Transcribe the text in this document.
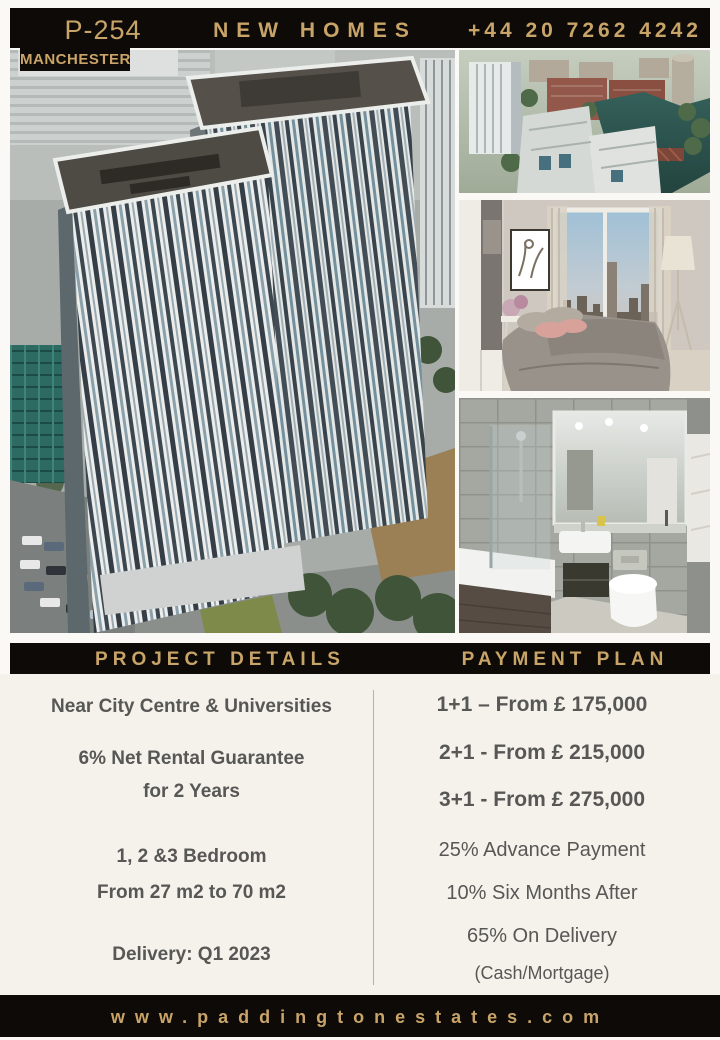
P-254	NEW HOMES	+44 20 7262 4242
MANCHESTER
PROJECT DETAILS	PAYMENT PLAN
Near City Centre & Universities
6% Net Rental Guarantee
for 2 Years
1, 2 &3 Bedroom
From 27 m2 to 70 m2
Delivery: Q1 2023
1+1 – From £ 175,000
2+1 - From £ 215,000
3+1 - From £ 275,000
25% Advance Payment
10% Six Months After
65% On Delivery
(Cash/Mortgage)
www.paddingtonestates.com
